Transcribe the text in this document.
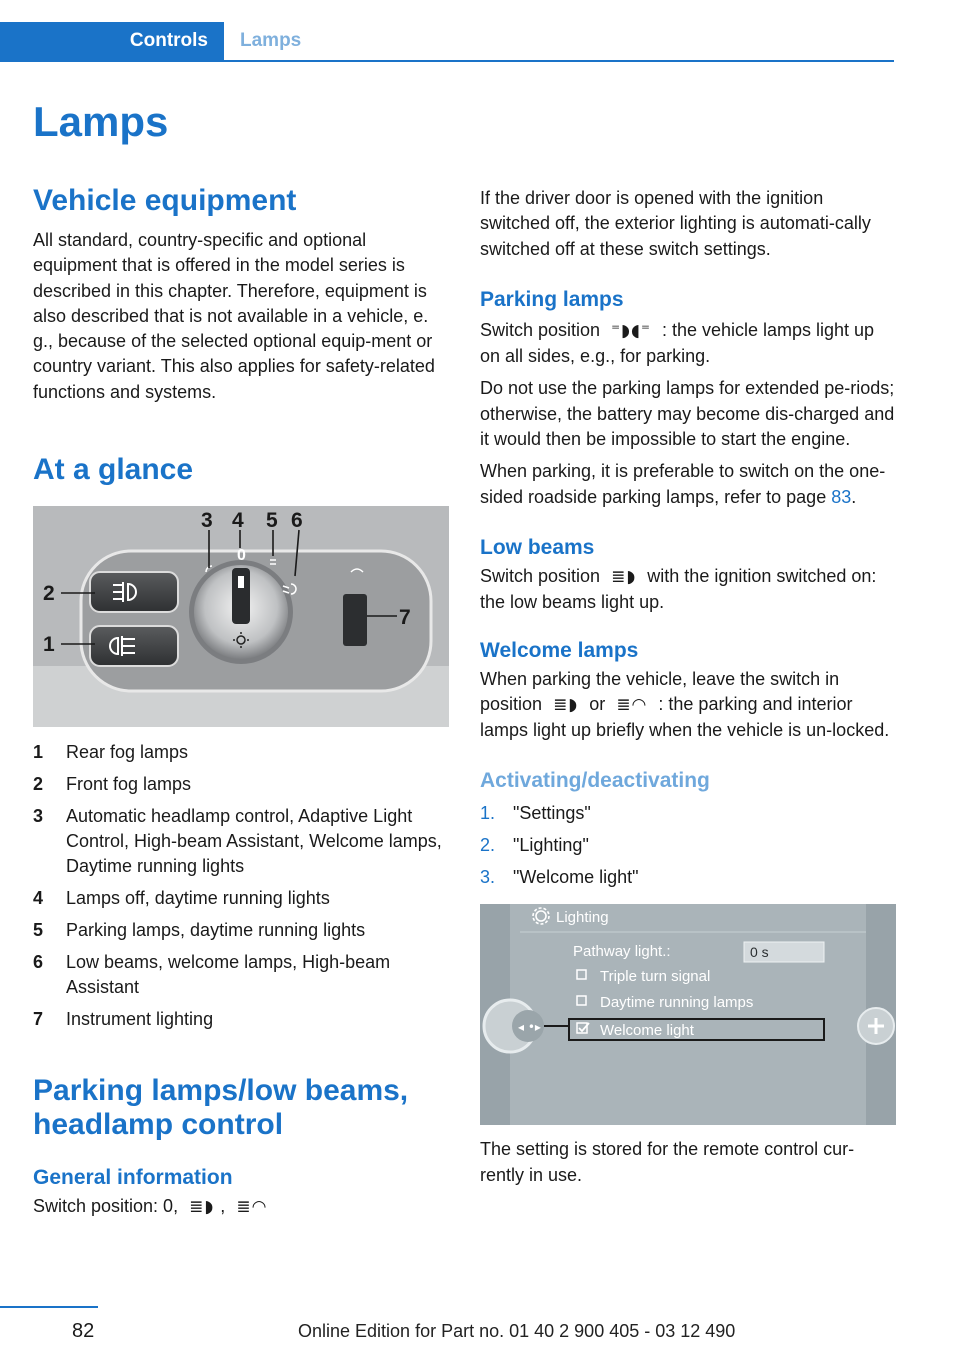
Controls	Lamps
Lamps
Vehicle equipment

All standard, country-specific and optional equipment that is offered in the model series is described in this chapter. Therefore, equipment is also described that is not available in a vehicle, e. g., because of the selected optional equip-ment or country variant. This also applies for safety-related functions and systems.

At a glance
0
3 4 5 6
2
1
7
1	Rear fog lamps
2	Front fog lamps
3	Automatic headlamp control, Adaptive Light Control, High-beam Assistant, Welcome lamps, Daytime running lights
4	Lamps off, daytime running lights
5	Parking lamps, daytime running lights
6	Low beams, welcome lamps, High-beam Assistant
7	Instrument lighting
Parking lamps/low beams, headlamp control
General information

Switch position: 0, ≣◗ , ≣◠

If the driver door is opened with the ignition switched off, the exterior lighting is automati-cally switched off at these switch settings.

Parking lamps

Switch position ⁼◗◖⁼ : the vehicle lamps light up on all sides, e.g., for parking.

Do not use the parking lamps for extended pe-riods; otherwise, the battery may become dis-charged and it would then be impossible to start the engine.

When parking, it is preferable to switch on the one-sided roadside parking lamps, refer to page 83.

Low beams

Switch position ≣◗ with the ignition switched on: the low beams light up.

Welcome lamps

When parking the vehicle, leave the switch in position ≣◗ or ≣◠ : the parking and interior lamps light up briefly when the vehicle is un-locked.

Activating/deactivating
1. "Settings"
2. "Lighting"
3. "Welcome light"
◂ •▸
Lighting
Pathway light.:	0 s
Triple turn signal
Daytime running lamps
Welcome light

The setting is stored for the remote control cur-rently in use.

82	Online Edition for Part no. 01 40 2 900 405 - 03 12 490
